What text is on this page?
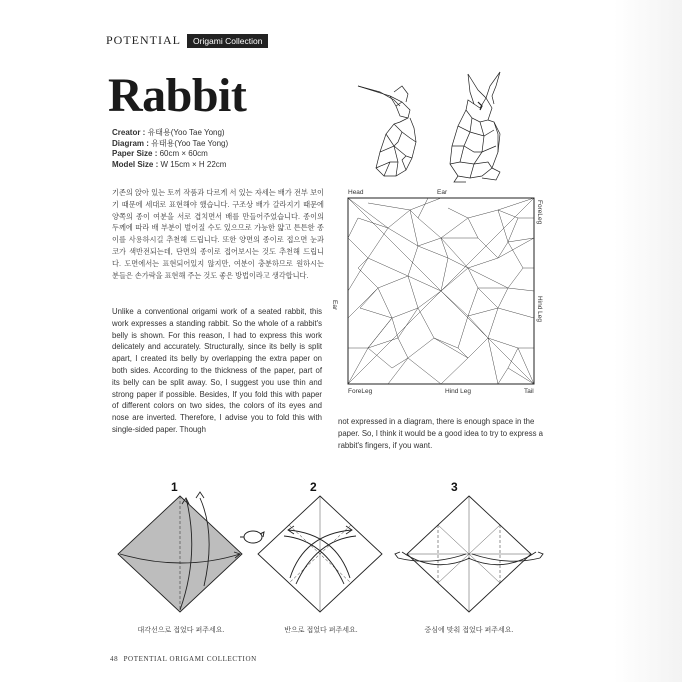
POTENTIAL	Origami Collection
Rabbit
Creator : 유태용(Yoo Tae Yong)
Diagram : 유태용(Yoo Tae Yong)
Paper Size : 60cm × 60cm
Model Size : W 15cm × H 22cm
기존의 앉아 있는 토끼 작품과 다르게 서 있는 자세는 배가 전부 보이기 때문에 세대로 표현해야 했습니다. 구조상 배가 갈라지기 때문에 양쪽의 종이 여분을 서로 겹치면서 배를 만들어주었습니다. 종이의 두께에 따라 배 부분이 벌어질 수도 있으므로 가능한 얇고 튼튼한 종이를 사용하시길 추천해 드립니다. 또한 양면의 종이로 접으면 눈과 코가 색반전되는데, 단면의 종이로 접어보시는 것도 추천해 드립니다. 도면에서는 표현되어있지 않지만, 여분이 충분하므로 원하시는 분들은 손가락을 표현해 주는 것도 좋은 방법이라고 생각합니다.
Unlike a conventional origami work of a seated rabbit, this work expresses a standing rabbit. So the whole of a rabbit's belly is shown. For this reason, I had to express this work delicately and accurately. Structurally, since its belly is split apart, I created its belly by overlapping the extra paper on both sides. According to the thickness of the paper, part of its belly can be split away. So, I suggest you use thin and strong paper if possible. Besides, If you fold this with paper of different colors on two sides, the colors of its eyes and nose are inverted. Therefore, I advise you to fold this with single-sided paper. Though
not expressed in a diagram, there is enough space in the paper. So, I think it would be a good idea to try to express a rabbit's fingers, if you want.
Head	Ear
ForeLeg
Hind Leg
Ear
ForeLeg	Hind Leg	Tail
1	2	3
대각선으로 접었다 펴주세요.	반으로 접었다 펴주세요.	중심에 맞춰 접었다 펴주세요.
48 POTENTIAL ORIGAMI COLLECTION
